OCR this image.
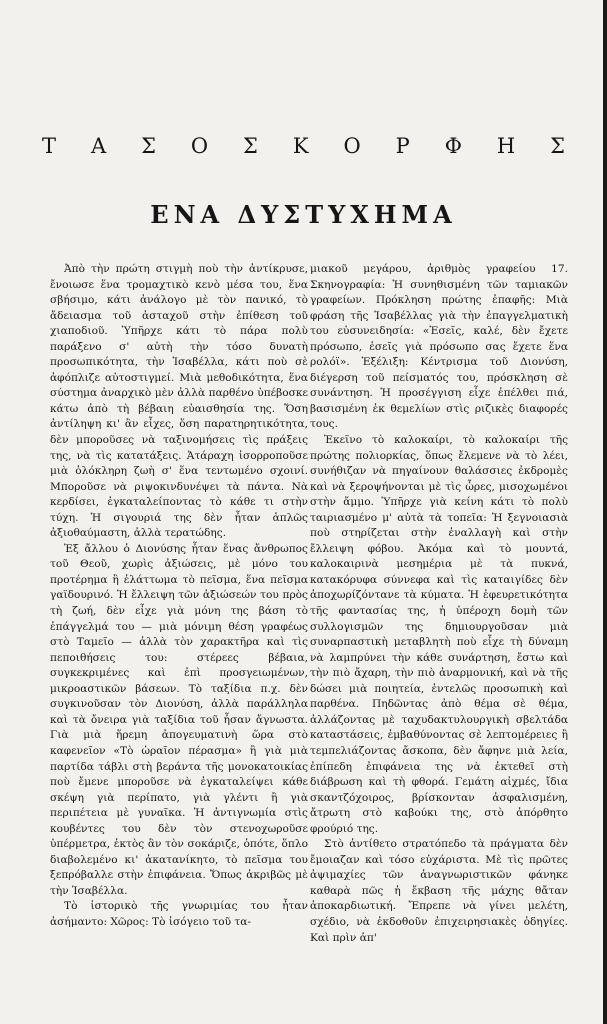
Τ Α Σ Ο Σ Κ Ο Ρ Φ Η Σ
ΕΝΑ ΔΥΣΤΥΧΗΜΑ

Ἀπὸ τὴν πρώτη στιγμὴ ποὺ τὴν ἀντίκρυσε, ἔνοιωσε ἕνα τρομαχτικὸ κενὸ μέσα του, ἕνα σβήσιμο, κάτι ἀνάλογο μὲ τὸν πανικό, τὸ ἄδειασμα τοῦ ἀσταχοῦ στὴν ἐπίθεση τοῦ χιαποδιοῦ. Ὑπῆρχε κάτι τὸ πάρα πολὺ παράξενο σ' αὐτὴ τὴν τόσο δυνατὴ προσωπικότητα, τὴν Ἰσαβέλλα, κάτι ποὺ σὲ ἀφόπλιζε αὐτοστιγμεί. Μιὰ μεθοδικότητα, ἕνα σύστημα ἀναρχικὸ μὲν ἀλλὰ παρθένο ὑπέβοσκε κάτω ἀπὸ τὴ βέβαιη εὐαισθησία της. Ὅση ἀντίληψη κι' ἂν εἶχες, ὅση παρατηρητικότητα, δὲν μποροῦσες νὰ ταξινομήσεις τὶς πράξεις της, νὰ τὶς κατατάξεις. Ἀτάραχη ἰσορροποῦσε μιὰ ὁλόκληρη ζωὴ σ' ἕνα τεντωμένο σχοινί. Μποροῦσε νὰ ριψοκινδυνέψει τὰ πάντα. Νὰ κερδίσει, ἐγκαταλείποντας τὸ κάθε τι στὴν τύχη. Ἡ σιγουριά της δὲν ἦταν ἁπλῶς ἀξιοθαύμαστη, ἀλλὰ τερατώδης.

Ἐξ ἄλλου ὁ Διονύσης ἦταν ἕνας ἄνθρωπος τοῦ Θεοῦ, χωρὶς ἀξιώσεις, μὲ μόνο του προτέρημα ἢ ἐλάττωμα τὸ πεῖσμα, ἕνα πεῖσμα γαϊδουρινό. Ἡ ἔλλειψη τῶν ἀξιώσεών του πρὸς τὴ ζωή, δὲν εἶχε γιὰ μόνη της βάση τὸ ἐπάγγελμά του — μιὰ μόνιμη θέση γραφέως στὸ Ταμεῖο — ἀλλὰ τὸν χαρακτῆρα καὶ τὶς πεποιθήσεις του: στέρεες βέβαια, συγκεκριμένες καὶ ἐπὶ προσγειωμένων, μικροαστικῶν βάσεων. Τὸ ταξίδια π.χ. δὲν συγκινοῦσαν τὸν Διονύση, ἀλλὰ παράλληλα καὶ τὰ ὄνειρα γιὰ ταξίδια τοῦ ἦσαν ἄγνωστα. Γιὰ μιὰ ἥρεμη ἀπογευματινὴ ὥρα στὸ καφενεῖον «Τὸ ὡραῖον πέρασμα» ἢ γιὰ μιὰ παρτίδα τάβλι στὴ βεράντα τῆς μονοκατοικίας ποὺ ἔμενε μποροῦσε νὰ ἐγκαταλείψει κάθε σκέψη γιὰ περίπατο, γιὰ γλέντι ἢ γιὰ περιπέτεια μὲ γυναῖκα. Ἡ ἀντιγνωμία στὶς κουβέντες του δὲν τὸν στενοχωροῦσε ὑπέρμετρα, ἐκτὸς ἂν τὸν σοκάριζε, ὁπότε, ὅπλο διαβολεμένο κι' ἀκατανίκητο, τὸ πεῖσμα του ξεπρόβαλλε στὴν ἐπιφάνεια. Ὅπως ἀκριβῶς μὲ τὴν Ἰσαβέλλα.

Τὸ ἱστορικὸ τῆς γνωριμίας του ἦταν ἀσήμαντο: Χῶρος: Τὸ ἰσόγειο τοῦ τα-

μιακοῦ μεγάρου, ἀριθμὸς γραφείου 17. Σκηνογραφία: Ἡ συνηθισμένη τῶν ταμιακῶν γραφείων. Πρόκληση πρώτης ἐπαφῆς: Μιὰ φράση τῆς Ἰσαβέλλας γιὰ τὴν ἐπαγγελματικὴ του εὐσυνειδησία: «Ἐσεῖς, καλέ, δὲν ἔχετε πρόσωπο, ἐσεῖς γιὰ πρόσωπο σας ἔχετε ἕνα ρολόϊ». Ἐξέλιξη: Κέντρισμα τοῦ Διονύση, διέγερση τοῦ πείσματός του, πρόσκληση σὲ συνάντηση. Ἡ προσέγγιση εἶχε ἐπέλθει πιά, βασισμένη ἐκ θεμελίων στὶς ριζικὲς διαφορές τους.

Ἐκεῖνο τὸ καλοκαίρι, τὸ καλοκαίρι τῆς πρώτης πολιορκίας, ὅπως ἔλεμενε νὰ τὸ λέει, συνήθιζαν νὰ πηγαίνουν θαλάσσιες ἐκδρομὲς καὶ νὰ ξεροψήνονται μὲ τὶς ὧρες, μισοχωμένοι στὴν ἄμμο. Ὑπῆρχε γιὰ κείνη κάτι τὸ πολὺ ταιριασμένο μ' αὐτὰ τὰ τοπεῖα: Ἡ ξεγνοιασιὰ ποὺ στηρίζεται στὴν ἐναλλαγὴ καὶ στὴν ἔλλειψη φόβου. Ἀκόμα καὶ τὸ μουντά, καλοκαιρινὰ μεσημέρια μὲ τὰ πυκνά, κατακόρυφα σύννεφα καὶ τὶς καταιγίδες δὲν ἀποχωρίζόντανε τὰ κύματα. Ἡ ἐφευρετικότητα τῆς φαντασίας της, ἡ ὑπέροχη δομὴ τῶν συλλογισμῶν της δημιουργοῦσαν μιὰ συναρπαστικὴ μεταβλητὴ ποὺ εἶχε τὴ δύναμη νὰ λαμπρύνει τὴν κάθε συνάρτηση, ἔστω καὶ τὴν πιὸ ἄχαρη, τὴν πιὸ ἀναρμονική, καὶ νὰ τῆς δώσει μιὰ ποιητεία, ἐντελῶς προσωπικὴ καὶ παρθένα. Πηδῶντας ἀπὸ θέμα σὲ θέμα, ἀλλάζοντας μὲ ταχυδακτυλουργικὴ σβελτάδα καταστάσεις, ἐμβαθύνοντας σὲ λεπτομέρειες ἢ τεμπελιάζοντας ἄσκοπα, δὲν ἄφηνε μιὰ λεία, ἐπίπεδη ἐπιφάνεια της νὰ ἐκτεθεῖ στὴ διάβρωση καὶ τὴ φθορά. Γεμάτη αἰχμές, ἴδια σκαντζόχοιρος, βρίσκονταν ἀσφαλισμένη, ἄτρωτη στὸ καβούκι της, στὸ ἀπόρθητο φρούριό της.

Στὸ ἀντίθετο στρατόπεδο τὰ πράγματα δὲν ἔμοιαζαν καὶ τόσο εὐχάριστα. Μὲ τὶς πρῶτες ἀψιμαχίες τῶν ἀναγνωριστικῶν φάνηκε καθαρὰ πῶς ἡ ἔκβαση τῆς μάχης θἄταν ἀποκαρδιωτική. Ἔπρεπε νὰ γίνει μελέτη, σχέδιο, νὰ ἐκδοθοῦν ἐπιχειρησιακὲς ὁδηγίες. Καὶ πρὶν ἀπ'
